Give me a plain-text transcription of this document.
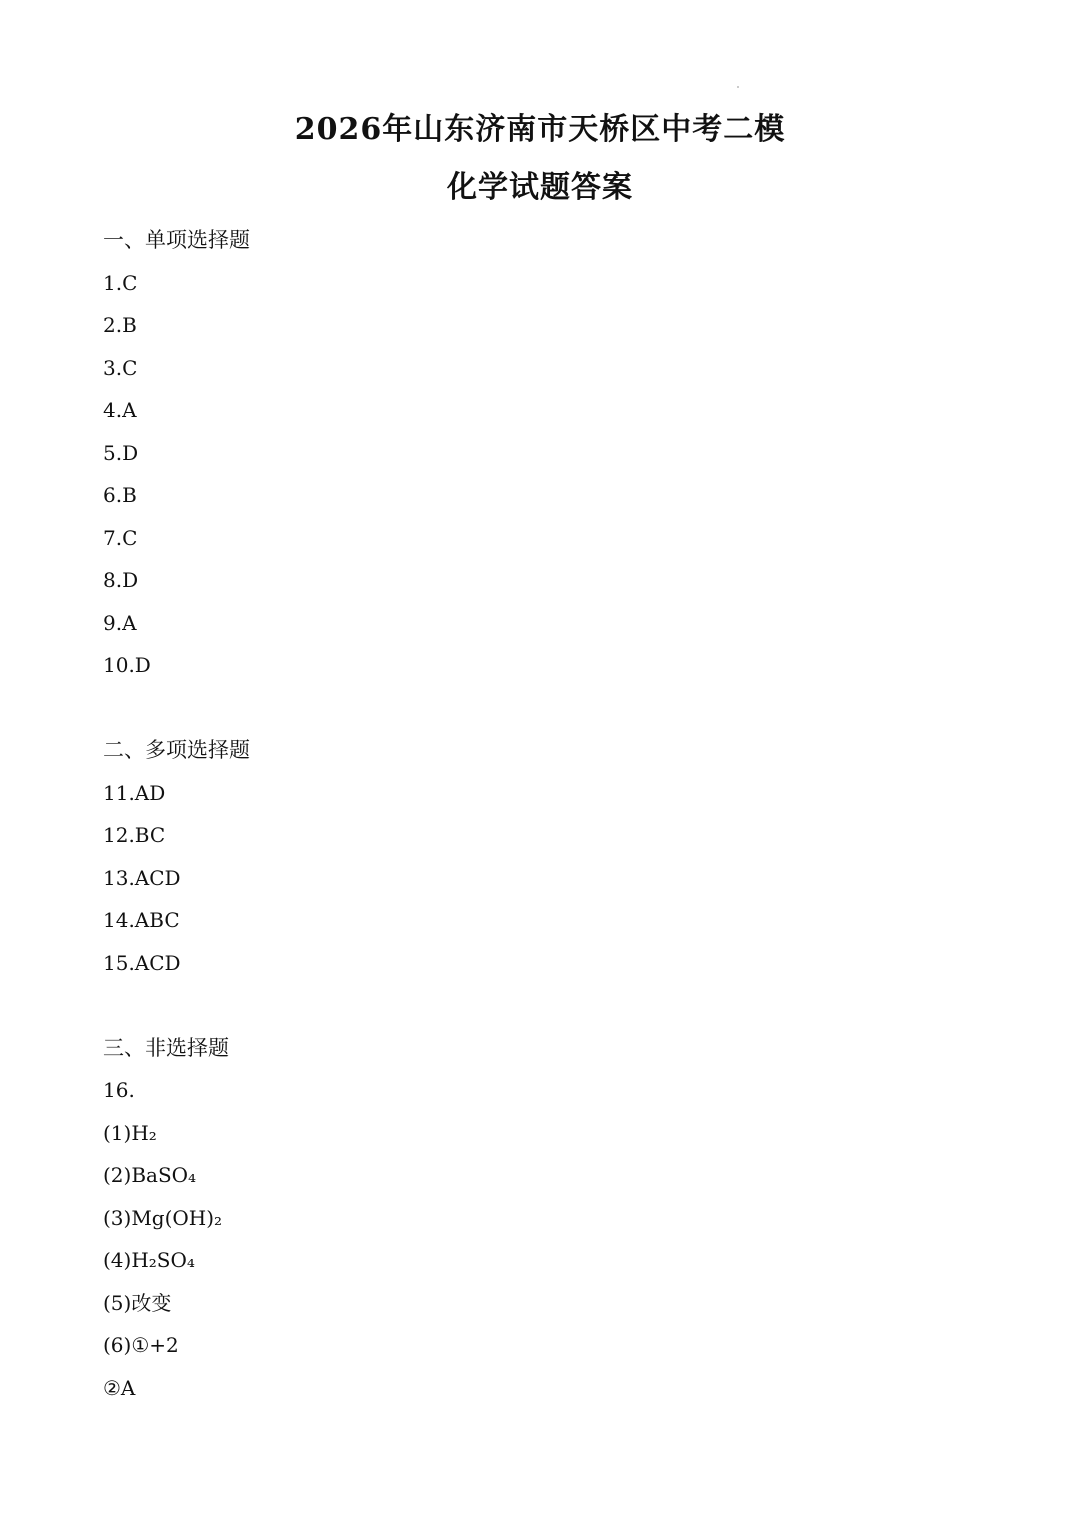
2026年山东济南市天桥区中考二模
化学试题答案
一、单项选择题
1.C
2.B
3.C
4.A
5.D
6.B
7.C
8.D
9.A
10.D
二、多项选择题
11.AD
12.BC
13.ACD
14.ABC
15.ACD
三、非选择题
16.
(1)H₂
(2)BaSO₄
(3)Mg(OH)₂
(4)H₂SO₄
(5)改变
(6)①+2
②A
